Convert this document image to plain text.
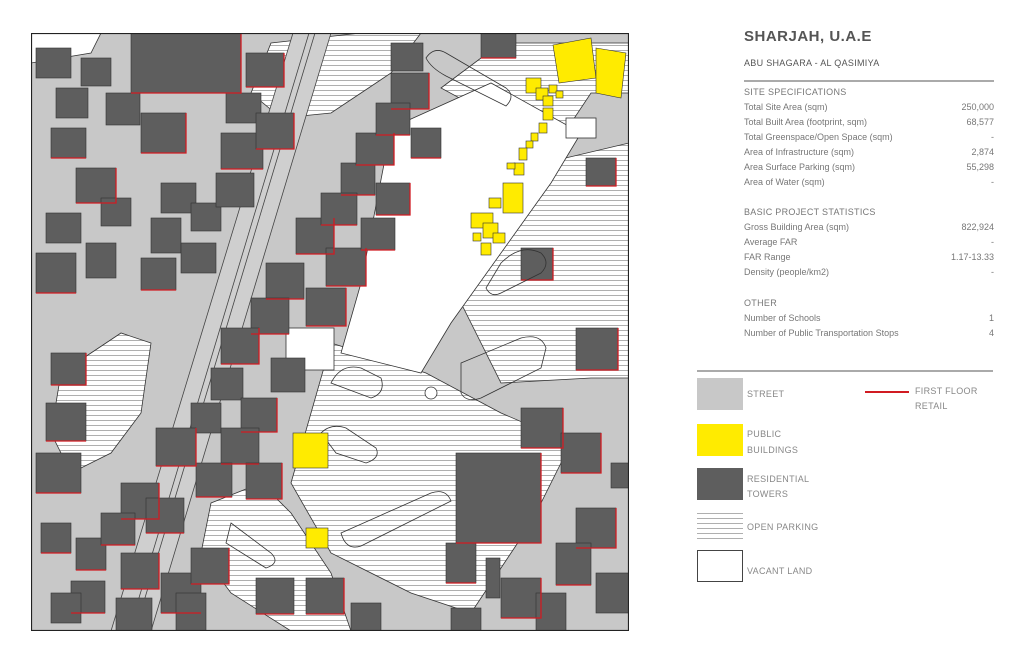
SHARJAH, U.A.E
ABU SHAGARA - AL QASIMIYA
SITE SPECIFICATIONS
Total Site Area (sqm)	250,000
Total Built Area (footprint, sqm)	68,577
Total Greenspace/Open Space (sqm)	-
Area of Infrastructure (sqm)	2,874
Area Surface Parking (sqm)	55,298
Area of Water (sqm)	-
BASIC PROJECT STATISTICS
Gross Building Area (sqm)	822,924
Average FAR	-
FAR Range	1.17-13.33
Density (people/km2)	-
OTHER
Number of Schools	1
Number of Public Transportation Stops	4
STREET	FIRST FLOOR
RETAIL
PUBLIC
BUILDINGS
RESIDENTIAL
TOWERS
OPEN PARKING
VACANT LAND
